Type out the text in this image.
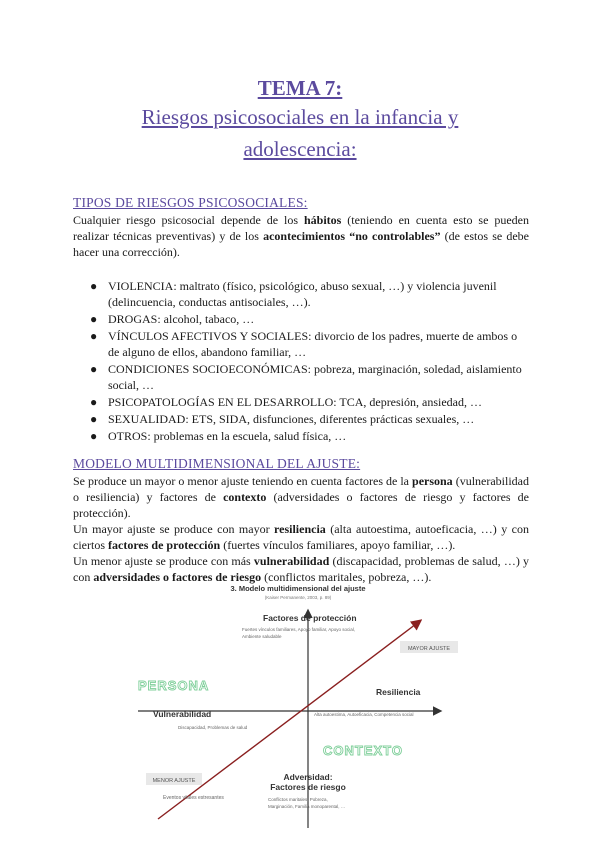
TEMA 7:
Riesgos psicosociales en la infancia y
adolescencia:
TIPOS DE RIESGOS PSICOSOCIALES:
Cualquier riesgo psicosocial depende de los hábitos (teniendo en cuenta esto se pueden realizar técnicas preventivas) y de los acontecimientos “no controlables” (de estos se debe hacer una corrección).
● VIOLENCIA: maltrato (físico, psicológico, abuso sexual, …) y violencia juvenil (delincuencia, conductas antisociales, …).
● DROGAS: alcohol, tabaco, …
● VÍNCULOS AFECTIVOS Y SOCIALES: divorcio de los padres, muerte de ambos o de alguno de ellos, abandono familiar, …
● CONDICIONES SOCIOECONÓMICAS: pobreza, marginación, soledad, aislamiento social, …
● PSICOPATOLOGÍAS EN EL DESARROLLO: TCA, depresión, ansiedad, …
● SEXUALIDAD: ETS, SIDA, disfunciones, diferentes prácticas sexuales, …
● OTROS: problemas en la escuela, salud física, …
MODELO MULTIDIMENSIONAL DEL AJUSTE:
Se produce un mayor o menor ajuste teniendo en cuenta factores de la persona (vulnerabilidad o resiliencia) y factores de contexto (adversidades o factores de riesgo y factores de protección).
Un mayor ajuste se produce con mayor resiliencia (alta autoestima, autoeficacia, …) y con ciertos factores de protección (fuertes vínculos familiares, apoyo familiar, …).
Un menor ajuste se produce con más vulnerabilidad (discapacidad, problemas de salud, …) y con adversidades o factores de riesgo (conflictos maritales, pobreza, …).
3. Modelo multidimensional del ajuste
(Kaiser Permanente, 2003, p. 89)
Factores de protección
Fuertes vínculos familiares, Apoyo familiar, Apoyo social,
Ambiente saludable
MAYOR AJUSTE
PERSONA	Resiliencia
Alta autoestima, Autoeficacia, Competencia social
Vulnerabilidad
Discapacidad, Problemas de salud
CONTEXTO
MENOR AJUSTE	Adversidad:
Factores de riesgo
Conflictos maritales, Pobreza,
Marginación, Familia monoparental, …
Eventos vitales estresantes
